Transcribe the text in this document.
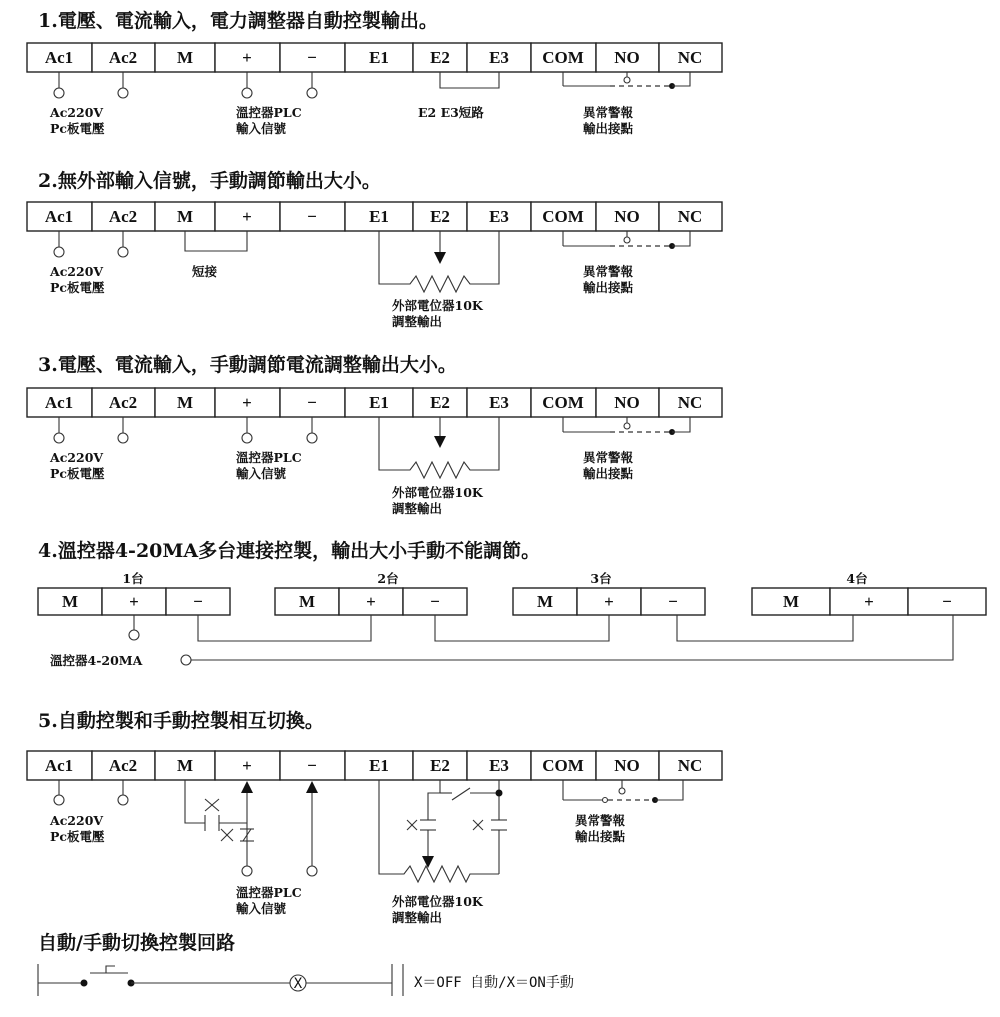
1.電壓、電流輸入，電力調整器自動控製輸出。
Ac1 Ac2 M	+	−	E1 E2 E3 COM NO NC
Ac220V
Pc板電壓
溫控器PLC
輸入信號
E2 E3短路	異常警報
輸出接點
2.無外部輸入信號，手動調節輸出大小。
Ac1 Ac2 M	+	−	E1 E2 E3 COM NO NC
Ac220V
Pc板電壓
短接
外部電位器10K
調整輸出
異常警報
輸出接點
3.電壓、電流輸入，手動調節電流調整輸出大小。
Ac1 Ac2 M	+	−	E1 E2 E3 COM NO NC
Ac220V
Pc板電壓
溫控器PLC
輸入信號
外部電位器10K
調整輸出
異常警報
輸出接點
4.溫控器4-20MA多台連接控製，輸出大小手動不能調節。
1台
M	+	−
2台
M	+	−
3台
M	+	−
4台
M	+	−
溫控器4-20MA
5.自動控製和手動控製相互切換。
Ac1 Ac2 M	+	−	E1 E2 E3 COM NO NC
Ac220V
Pc板電壓
溫控器PLC
輸入信號	外部電位器10K
調整輸出
異常警報
輸出接點
自動/手動切換控製回路
X	X＝OFF 自動/X＝ON手動
